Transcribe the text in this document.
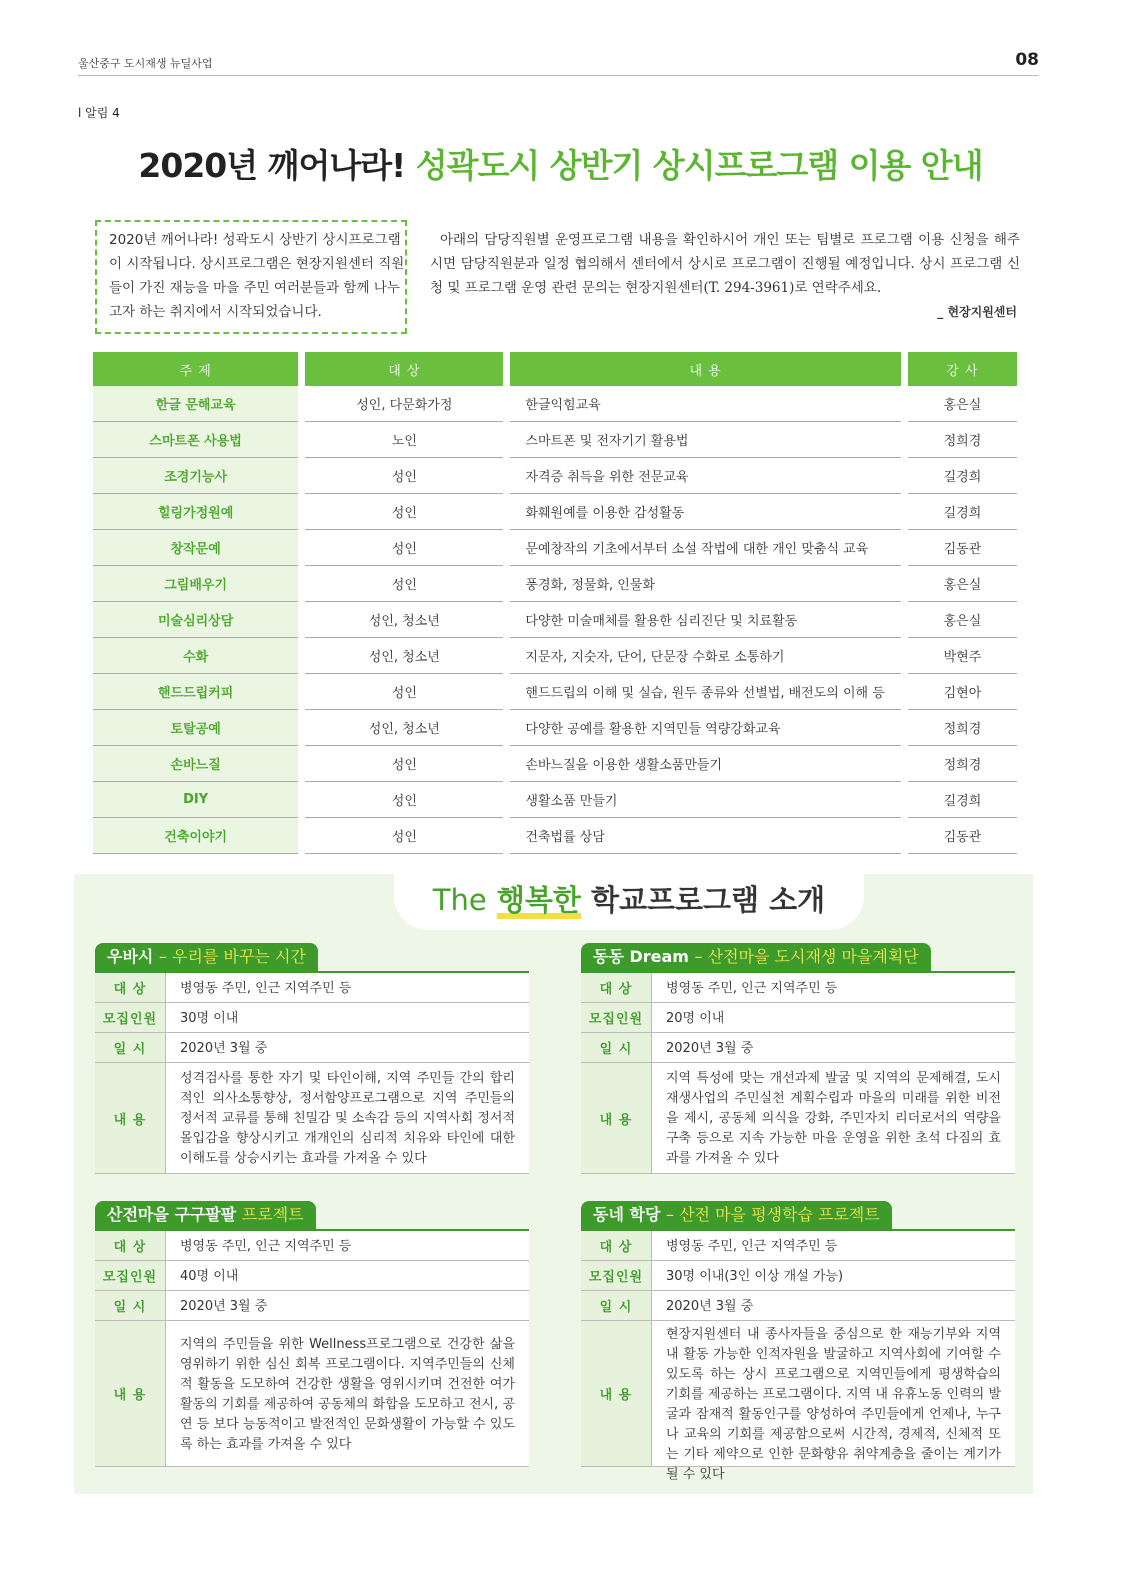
울산중구 도시재생 뉴딜사업	08
l 알림 4
2020년 깨어나라! 성곽도시 상반기 상시프로그램 이용 안내
2020년 깨어나라! 성곽도시 상반기 상시프로그램이 시작됩니다. 상시프로그램은 현장지원센터 직원들이 가진 재능을 마을 주민 여러분들과 함께 나누고자 하는 취지에서 시작되었습니다.
아래의 담당직원별 운영프로그램 내용을 확인하시어 개인 또는 팀별로 프로그램 이용 신청을 해주시면 담당직원분과 일정 협의해서 센터에서 상시로 프로그램이 진행될 예정입니다. 상시 프로그램 신청 및 프로그램 운영 관련 문의는 현장지원센터(T. 294-3961)로 연락주세요.
_ 현장지원센터
주 제		대 상		내 용		강 사
한글 문해교육		성인, 다문화가정		한글익힘교육		홍은실
스마트폰 사용법		노인		스마트폰 및 전자기기 활용법		정희경
조경기능사		성인		자격증 취득을 위한 전문교육		길경희
힐링가정원예		성인		화훼원예를 이용한 감성활동		길경희
창작문예		성인		문예창작의 기초에서부터 소설 작법에 대한 개인 맞춤식 교육		김동관
그림배우기		성인		풍경화, 정물화, 인물화		홍은실
미술심리상담		성인, 청소년		다양한 미술매체를 활용한 심리진단 및 치료활동		홍은실
수화		성인, 청소년		지문자, 지숫자, 단어, 단문장 수화로 소통하기		박현주
핸드드립커피		성인		핸드드립의 이해 및 실습, 원두 종류와 선별법, 배전도의 이해 등		김현아
토탈공예		성인, 청소년		다양한 공예를 활용한 지역민들 역량강화교육		정희경
손바느질		성인		손바느질을 이용한 생활소품만들기		정희경
DIY		성인		생활소품 만들기		길경희
건축이야기		성인		건축법률 상담		김동관
The 행복한 학교프로그램 소개
우바시 – 우리를 바꾸는 시간
대 상	병영동 주민, 인근 지역주민 등
모집인원	30명 이내
일 시	2020년 3월 중
내 용
성격검사를 통한 자기 및 타인이해, 지역 주민들 간의 합리적인 의사소통향상, 정서함양프로그램으로 지역 주민들의 정서적 교류를 통해 친밀감 및 소속감 등의 지역사회 정서적 몰입감을 향상시키고 개개인의 심리적 치유와 타인에 대한 이해도를 상승시키는 효과를 가져올 수 있다
동동 Dream – 산전마을 도시재생 마을계획단
대 상	병영동 주민, 인근 지역주민 등
모집인원	20명 이내
일 시	2020년 3월 중
내 용
지역 특성에 맞는 개선과제 발굴 및 지역의 문제해결, 도시재생사업의 주민실천 계획수립과 마을의 미래를 위한 비전을 제시, 공동체 의식을 강화, 주민자치 리더로서의 역량을 구축 등으로 지속 가능한 마을 운영을 위한 초석 다짐의 효과를 가져올 수 있다
산전마을 구구팔팔 프로젝트
대 상	병영동 주민, 인근 지역주민 등
모집인원	40명 이내
일 시	2020년 3월 중
내 용
지역의 주민들을 위한 Wellness프로그램으로 건강한 삶을 영위하기 위한 심신 회복 프로그램이다. 지역주민들의 신체적 활동을 도모하여 건강한 생활을 영위시키며 건전한 여가 활동의 기회를 제공하여 공동체의 화합을 도모하고 전시, 공연 등 보다 능동적이고 발전적인 문화생활이 가능할 수 있도록 하는 효과를 가져올 수 있다
동네 학당 – 산전 마을 평생학습 프로젝트
대 상	병영동 주민, 인근 지역주민 등
모집인원	30명 이내(3인 이상 개설 가능)
일 시	2020년 3월 중
내 용
현장지원센터 내 종사자들을 중심으로 한 재능기부와 지역 내 활동 가능한 인적자원을 발굴하고 지역사회에 기여할 수 있도록 하는 상시 프로그램으로 지역민들에게 평생학습의 기회를 제공하는 프로그램이다. 지역 내 유휴노동 인력의 발굴과 잠재적 활동인구를 양성하여 주민들에게 언제나, 누구나 교육의 기회를 제공함으로써 시간적, 경제적, 신체적 또는 기타 제약으로 인한 문화향유 취약계층을 줄이는 계기가 될 수 있다
